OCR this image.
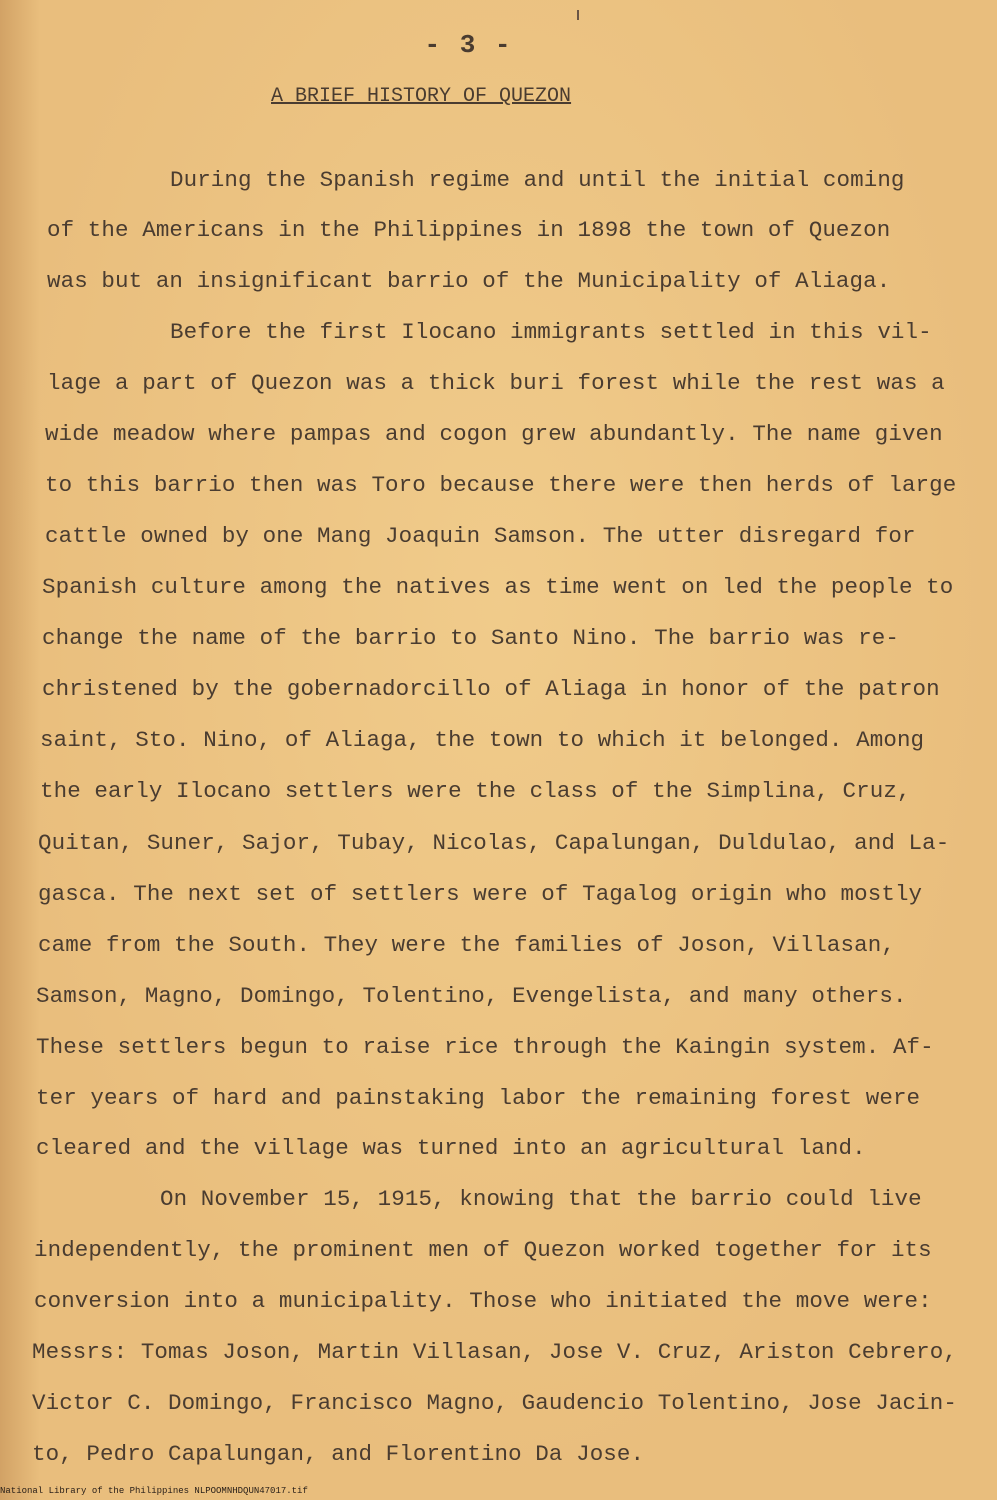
- 3 -
A BRIEF HISTORY OF QUEZON
During the Spanish regime and until the initial coming
of the Americans in the Philippines in 1898 the town of Quezon
was but an insignificant barrio of the Municipality of Aliaga.
Before the first Ilocano immigrants settled in this vil-
lage a part of Quezon was a thick buri forest while the rest was a
wide meadow where pampas and cogon grew abundantly. The name given
to this barrio then was Toro because there were then herds of large
cattle owned by one Mang Joaquin Samson. The utter disregard for
Spanish culture among the natives as time went on led the people to
change the name of the barrio to Santo Nino. The barrio was re-
christened by the gobernadorcillo of Aliaga in honor of the patron
saint, Sto. Nino, of Aliaga, the town to which it belonged. Among
the early Ilocano settlers were the class of the Simplina, Cruz,
Quitan, Suner, Sajor, Tubay, Nicolas, Capalungan, Duldulao, and La-
gasca. The next set of settlers were of Tagalog origin who mostly
came from the South. They were the families of Joson, Villasan,
Samson, Magno, Domingo, Tolentino, Evengelista, and many others.
These settlers begun to raise rice through the Kaingin system. Af-
ter years of hard and painstaking labor the remaining forest were
cleared and the village was turned into an agricultural land.
On November 15, 1915, knowing that the barrio could live
independently, the prominent men of Quezon worked together for its
conversion into a municipality. Those who initiated the move were:
Messrs: Tomas Joson, Martin Villasan, Jose V. Cruz, Ariston Cebrero,
Victor C. Domingo, Francisco Magno, Gaudencio Tolentino, Jose Jacin-
to, Pedro Capalungan, and Florentino Da Jose.
National Library of the Philippines NLPOOMNHDQUN47017.tif
